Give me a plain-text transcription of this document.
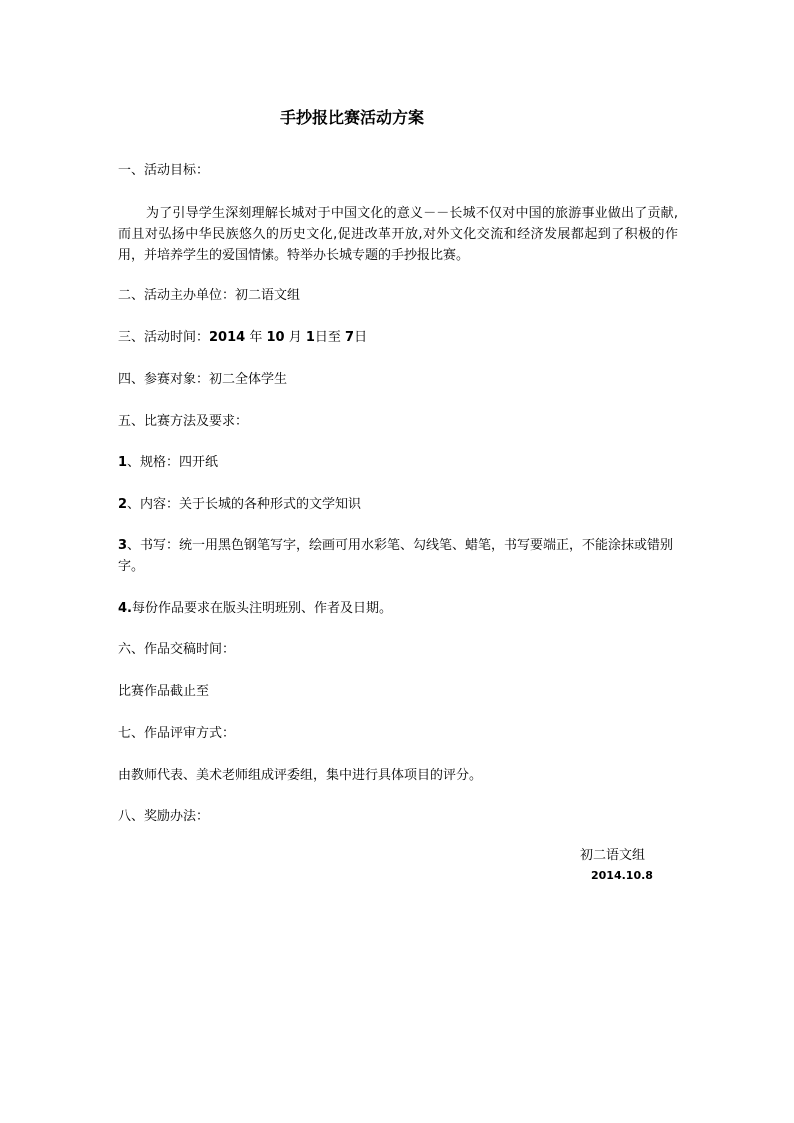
手抄报比赛活动方案
一、活动目标：
为了引导学生深刻理解长城对于中国文化的意义－－长城不仅对中国的旅游事业做出了贡献,而且对弘扬中华民族悠久的历史文化,促进改革开放,对外文化交流和经济发展都起到了积极的作用，并培养学生的爱国情愫。特举办长城专题的手抄报比赛。
二、活动主办单位：初二语文组
三、活动时间：2014 年 10 月 1日至 7日
四、参赛对象：初二全体学生
五、比赛方法及要求：
1、规格：四开纸
2、内容：关于长城的各种形式的文学知识
3、书写：统一用黑色钢笔写字，绘画可用水彩笔、勾线笔、蜡笔，书写要端正，不能涂抹或错别字。
4.每份作品要求在版头注明班别、作者及日期。
六、作品交稿时间：
比赛作品截止至
七、作品评审方式：
由教师代表、美术老师组成评委组，集中进行具体项目的评分。
八、奖励办法：
初二语文组
2014.10.8
